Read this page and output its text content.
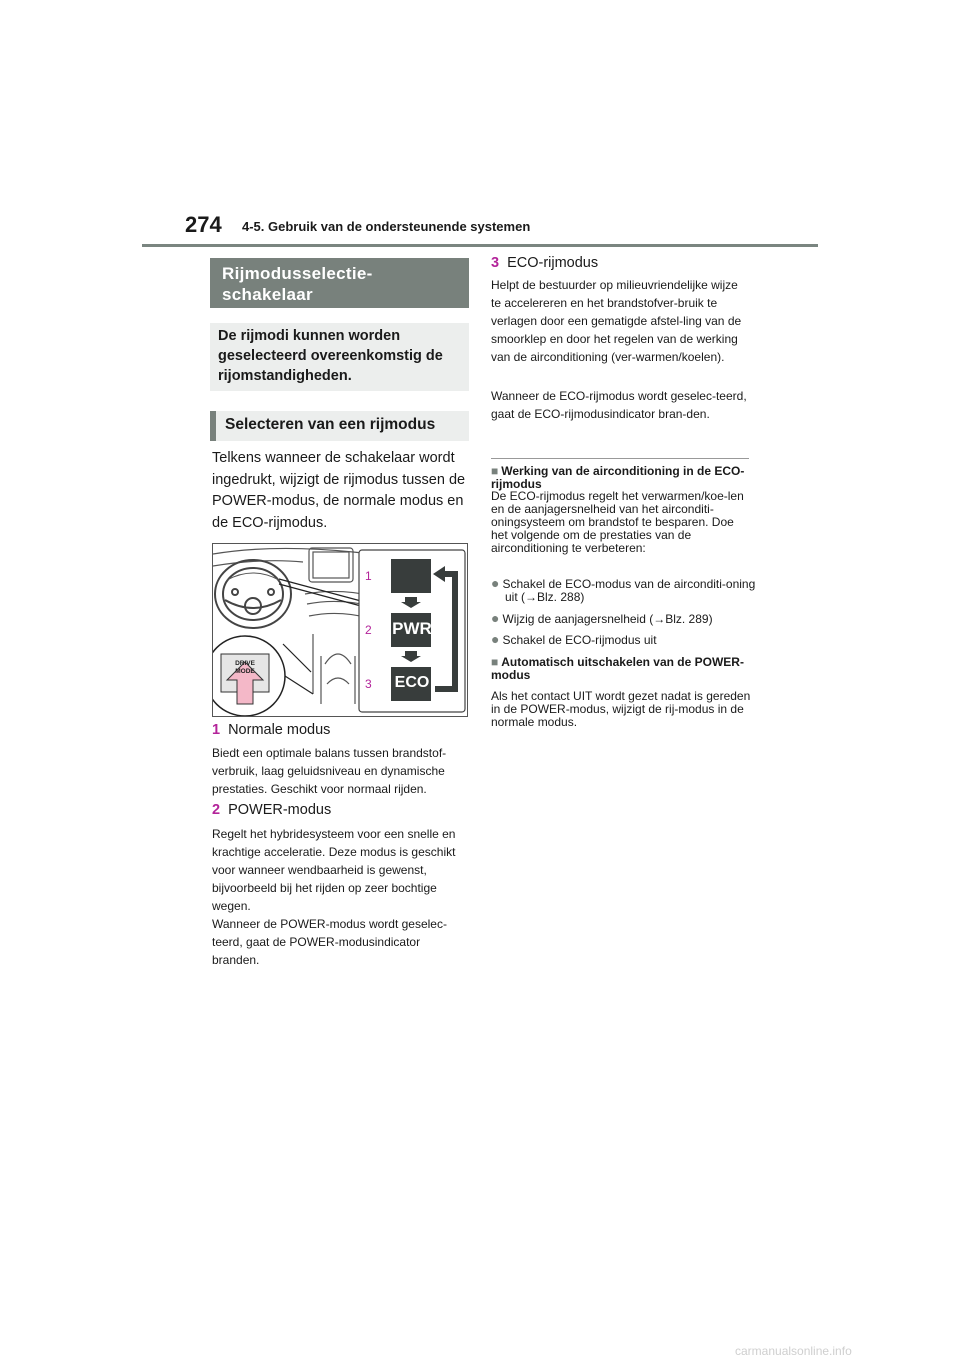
274 4-5. Gebruik van de ondersteunende systemen
Rijmodusselectie-
schakelaar
De rijmodi kunnen worden geselecteerd overeenkomstig de rijomstandigheden.
Selecteren van een rijmodus
Telkens wanneer de schakelaar wordt ingedrukt, wijzigt de rijmodus tussen de POWER-modus, de normale modus en de ECO-rijmodus.
1
2
3
PWR
ECO
DRIVE
MODE
1 Normale modus
Biedt een optimale balans tussen brandstof-verbruik, laag geluidsniveau en dynamische prestaties. Geschikt voor normaal rijden.
2 POWER-modus
Regelt het hybridesysteem voor een snelle en krachtige acceleratie. Deze modus is geschikt voor wanneer wendbaarheid is gewenst, bijvoorbeeld bij het rijden op zeer bochtige wegen.
Wanneer de POWER-modus wordt geselec-teerd, gaat de POWER-modusindicator branden.
3 ECO-rijmodus
Helpt de bestuurder op milieuvriendelijke wijze te accelereren en het brandstofver-bruik te verlagen door een gematigde afstel-ling van de smoorklep en door het regelen van de werking van de airconditioning (ver-warmen/koelen).
Wanneer de ECO-rijmodus wordt geselec-teerd, gaat de ECO-rijmodusindicator bran-den.
■ Werking van de airconditioning in de ECO-rijmodus
De ECO-rijmodus regelt het verwarmen/koe-len en de aanjagersnelheid van het airconditi-oningsysteem om brandstof te besparen. Doe het volgende om de prestaties van de airconditioning te verbeteren:
● Schakel de ECO-modus van de airconditi-oning uit (→Blz. 288)
● Wijzig de aanjagersnelheid (→Blz. 289)
● Schakel de ECO-rijmodus uit
■ Automatisch uitschakelen van de POWER-modus
Als het contact UIT wordt gezet nadat is gereden in de POWER-modus, wijzigt de rij-modus in de normale modus.
carmanualsonline.info
